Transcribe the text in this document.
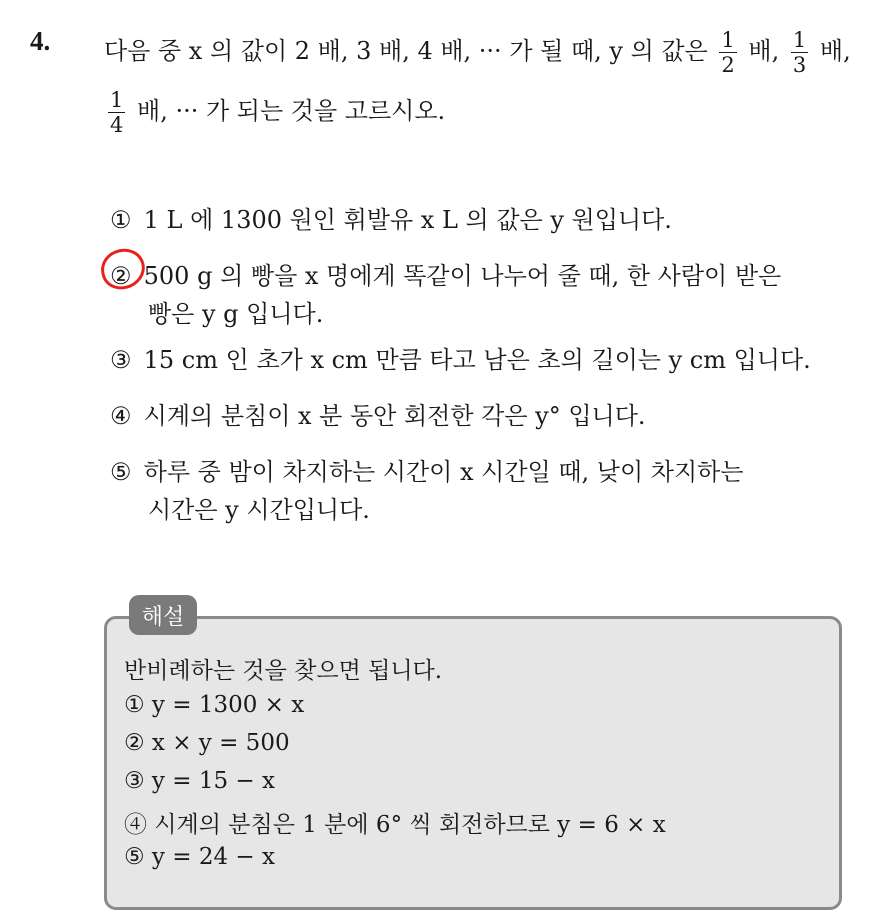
4. 다음 중 x 의 값이 2 배, 3 배, 4 배, ··· 가 될 때, y 의 값은 $\frac{1}{2}$ 배, $\frac{1}{3}$ 배,
$\frac{1}{4}$ 배, ··· 가 되는 것을 고르시오.
① 1 L 에 1300 원인 휘발유 x L 의 값은 y 원입니다.
② 500 g 의 빵을 x 명에게 똑같이 나누어 줄 때, 한 사람이 받은
빵은 y g 입니다.
③ 15 cm 인 초가 x cm 만큼 타고 남은 초의 길이는 y cm 입니다.
④ 시계의 분침이 x 분 동안 회전한 각은 y° 입니다.
⑤ 하루 중 밤이 차지하는 시간이 x 시간일 때, 낮이 차지하는
시간은 y 시간입니다.
해설
반비례하는 것을 찾으면 됩니다.
① y = 1300 × x
② x × y = 500
③ y = 15 − x
④ 시계의 분침은 1 분에 6° 씩 회전하므로 y = 6 × x
⑤ y = 24 − x
